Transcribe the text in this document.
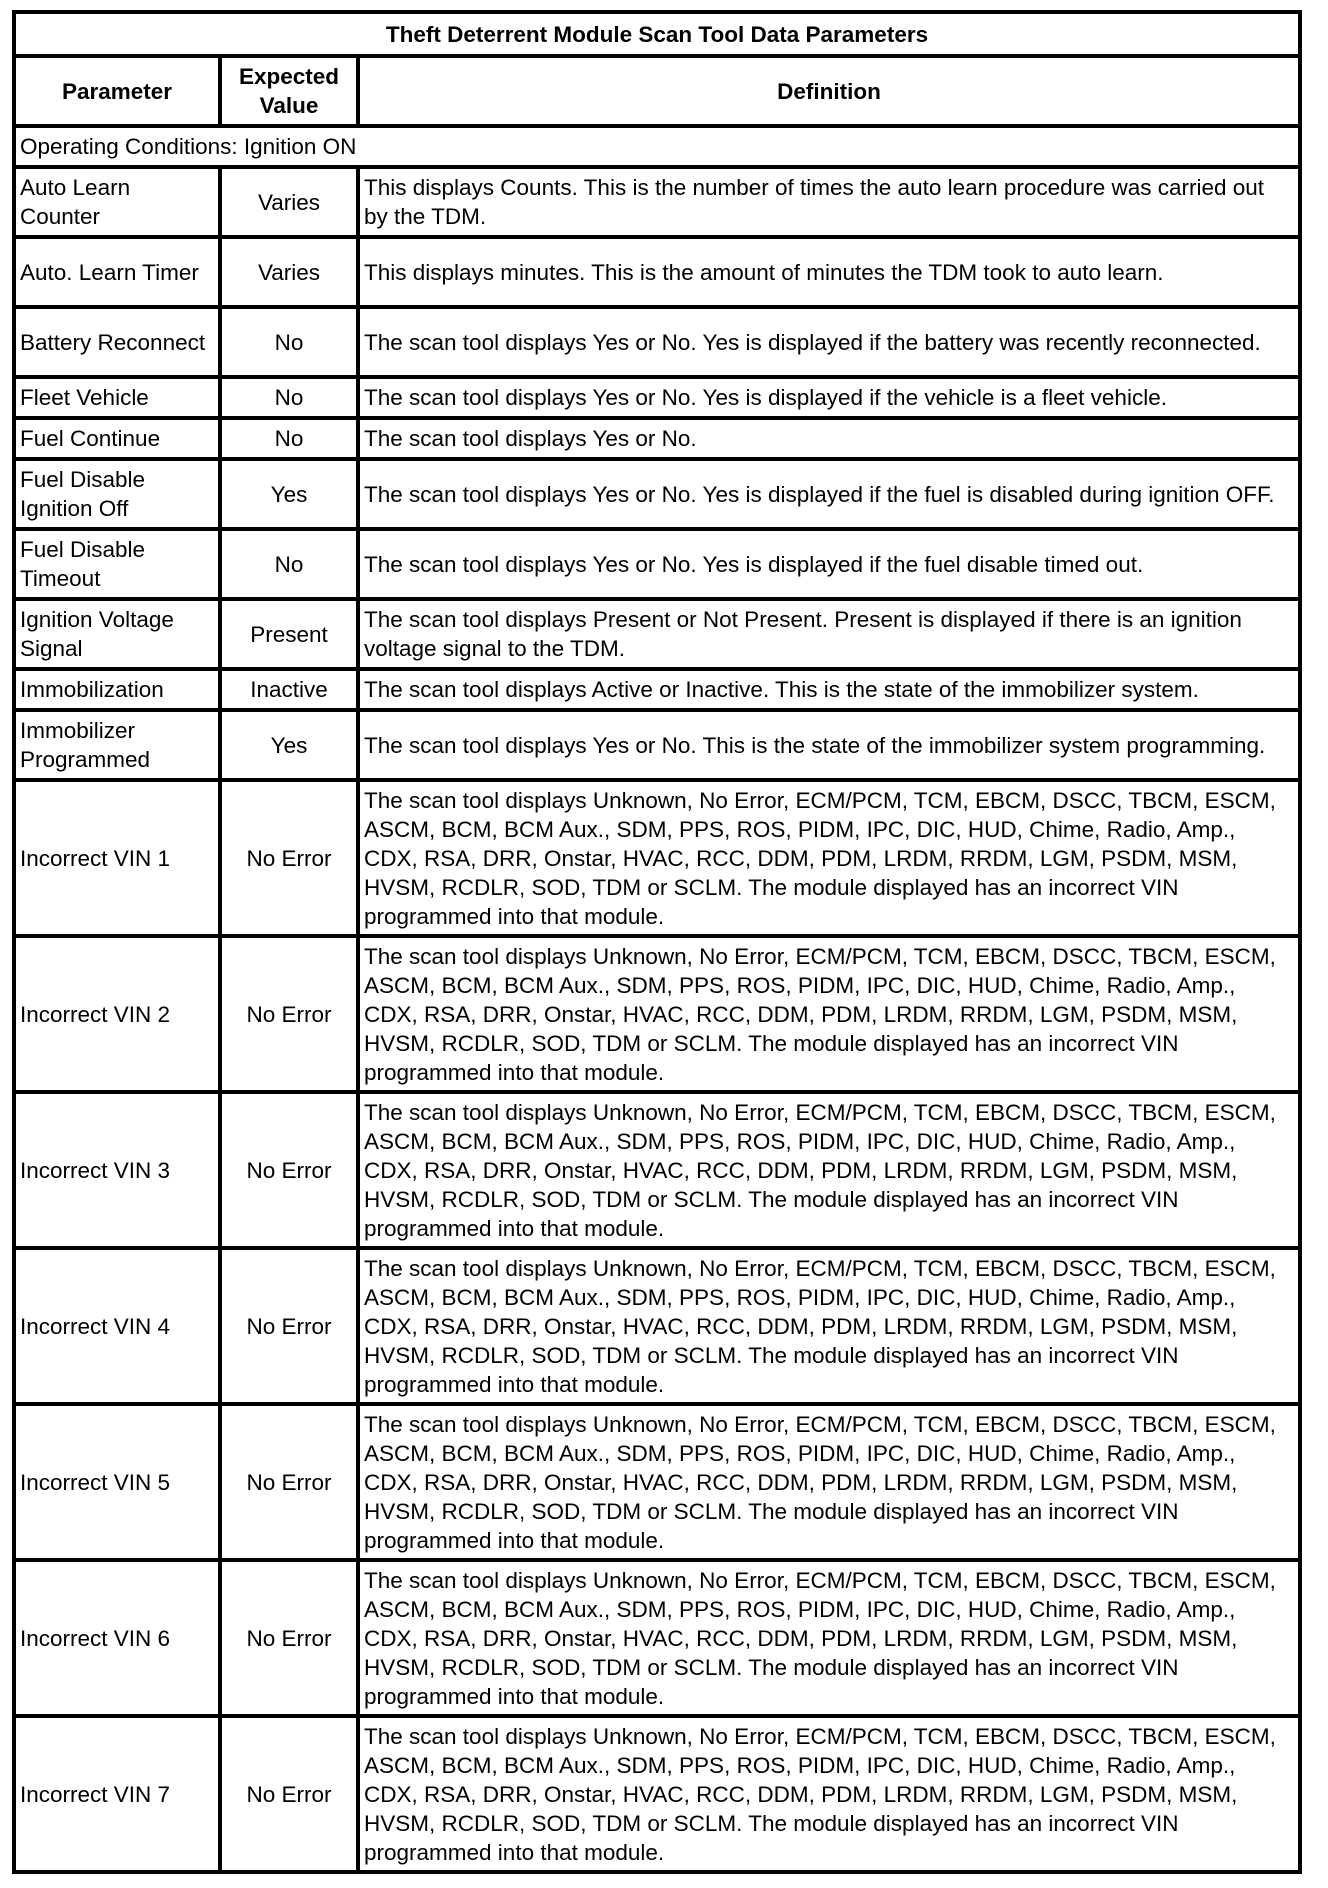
Theft Deterrent Module Scan Tool Data Parameters		
Parameter	Expected Value	Definition
Operating Conditions: Ignition ON		
Auto Learn Counter	Varies	This displays Counts. This is the number of times the auto learn procedure was carried out by the TDM.
Auto. Learn Timer	Varies	This displays minutes. This is the amount of minutes the TDM took to auto learn.
Battery Reconnect	No	The scan tool displays Yes or No. Yes is displayed if the battery was recently reconnected.
Fleet Vehicle	No	The scan tool displays Yes or No. Yes is displayed if the vehicle is a fleet vehicle.
Fuel Continue	No	The scan tool displays Yes or No.
Fuel Disable Ignition Off	Yes	The scan tool displays Yes or No. Yes is displayed if the fuel is disabled during ignition OFF.
Fuel Disable Timeout	No	The scan tool displays Yes or No. Yes is displayed if the fuel disable timed out.
Ignition Voltage Signal	Present	The scan tool displays Present or Not Present. Present is displayed if there is an ignition voltage signal to the TDM.
Immobilization	Inactive	The scan tool displays Active or Inactive. This is the state of the immobilizer system.
Immobilizer Programmed	Yes	The scan tool displays Yes or No. This is the state of the immobilizer system programming.
Incorrect VIN 1	No Error	The scan tool displays Unknown, No Error, ECM/PCM, TCM, EBCM, DSCC, TBCM, ESCM, ASCM, BCM, BCM Aux., SDM, PPS, ROS, PIDM, IPC, DIC, HUD, Chime, Radio, Amp., CDX, RSA, DRR, Onstar, HVAC, RCC, DDM, PDM, LRDM, RRDM, LGM, PSDM, MSM, HVSM, RCDLR, SOD, TDM or SCLM. The module displayed has an incorrect VIN programmed into that module.
Incorrect VIN 2	No Error	The scan tool displays Unknown, No Error, ECM/PCM, TCM, EBCM, DSCC, TBCM, ESCM, ASCM, BCM, BCM Aux., SDM, PPS, ROS, PIDM, IPC, DIC, HUD, Chime, Radio, Amp., CDX, RSA, DRR, Onstar, HVAC, RCC, DDM, PDM, LRDM, RRDM, LGM, PSDM, MSM, HVSM, RCDLR, SOD, TDM or SCLM. The module displayed has an incorrect VIN programmed into that module.
Incorrect VIN 3	No Error	The scan tool displays Unknown, No Error, ECM/PCM, TCM, EBCM, DSCC, TBCM, ESCM, ASCM, BCM, BCM Aux., SDM, PPS, ROS, PIDM, IPC, DIC, HUD, Chime, Radio, Amp., CDX, RSA, DRR, Onstar, HVAC, RCC, DDM, PDM, LRDM, RRDM, LGM, PSDM, MSM, HVSM, RCDLR, SOD, TDM or SCLM. The module displayed has an incorrect VIN programmed into that module.
Incorrect VIN 4	No Error	The scan tool displays Unknown, No Error, ECM/PCM, TCM, EBCM, DSCC, TBCM, ESCM, ASCM, BCM, BCM Aux., SDM, PPS, ROS, PIDM, IPC, DIC, HUD, Chime, Radio, Amp., CDX, RSA, DRR, Onstar, HVAC, RCC, DDM, PDM, LRDM, RRDM, LGM, PSDM, MSM, HVSM, RCDLR, SOD, TDM or SCLM. The module displayed has an incorrect VIN programmed into that module.
Incorrect VIN 5	No Error	The scan tool displays Unknown, No Error, ECM/PCM, TCM, EBCM, DSCC, TBCM, ESCM, ASCM, BCM, BCM Aux., SDM, PPS, ROS, PIDM, IPC, DIC, HUD, Chime, Radio, Amp., CDX, RSA, DRR, Onstar, HVAC, RCC, DDM, PDM, LRDM, RRDM, LGM, PSDM, MSM, HVSM, RCDLR, SOD, TDM or SCLM. The module displayed has an incorrect VIN programmed into that module.
Incorrect VIN 6	No Error	The scan tool displays Unknown, No Error, ECM/PCM, TCM, EBCM, DSCC, TBCM, ESCM, ASCM, BCM, BCM Aux., SDM, PPS, ROS, PIDM, IPC, DIC, HUD, Chime, Radio, Amp., CDX, RSA, DRR, Onstar, HVAC, RCC, DDM, PDM, LRDM, RRDM, LGM, PSDM, MSM, HVSM, RCDLR, SOD, TDM or SCLM. The module displayed has an incorrect VIN programmed into that module.
Incorrect VIN 7	No Error	The scan tool displays Unknown, No Error, ECM/PCM, TCM, EBCM, DSCC, TBCM, ESCM, ASCM, BCM, BCM Aux., SDM, PPS, ROS, PIDM, IPC, DIC, HUD, Chime, Radio, Amp., CDX, RSA, DRR, Onstar, HVAC, RCC, DDM, PDM, LRDM, RRDM, LGM, PSDM, MSM, HVSM, RCDLR, SOD, TDM or SCLM. The module displayed has an incorrect VIN programmed into that module.
